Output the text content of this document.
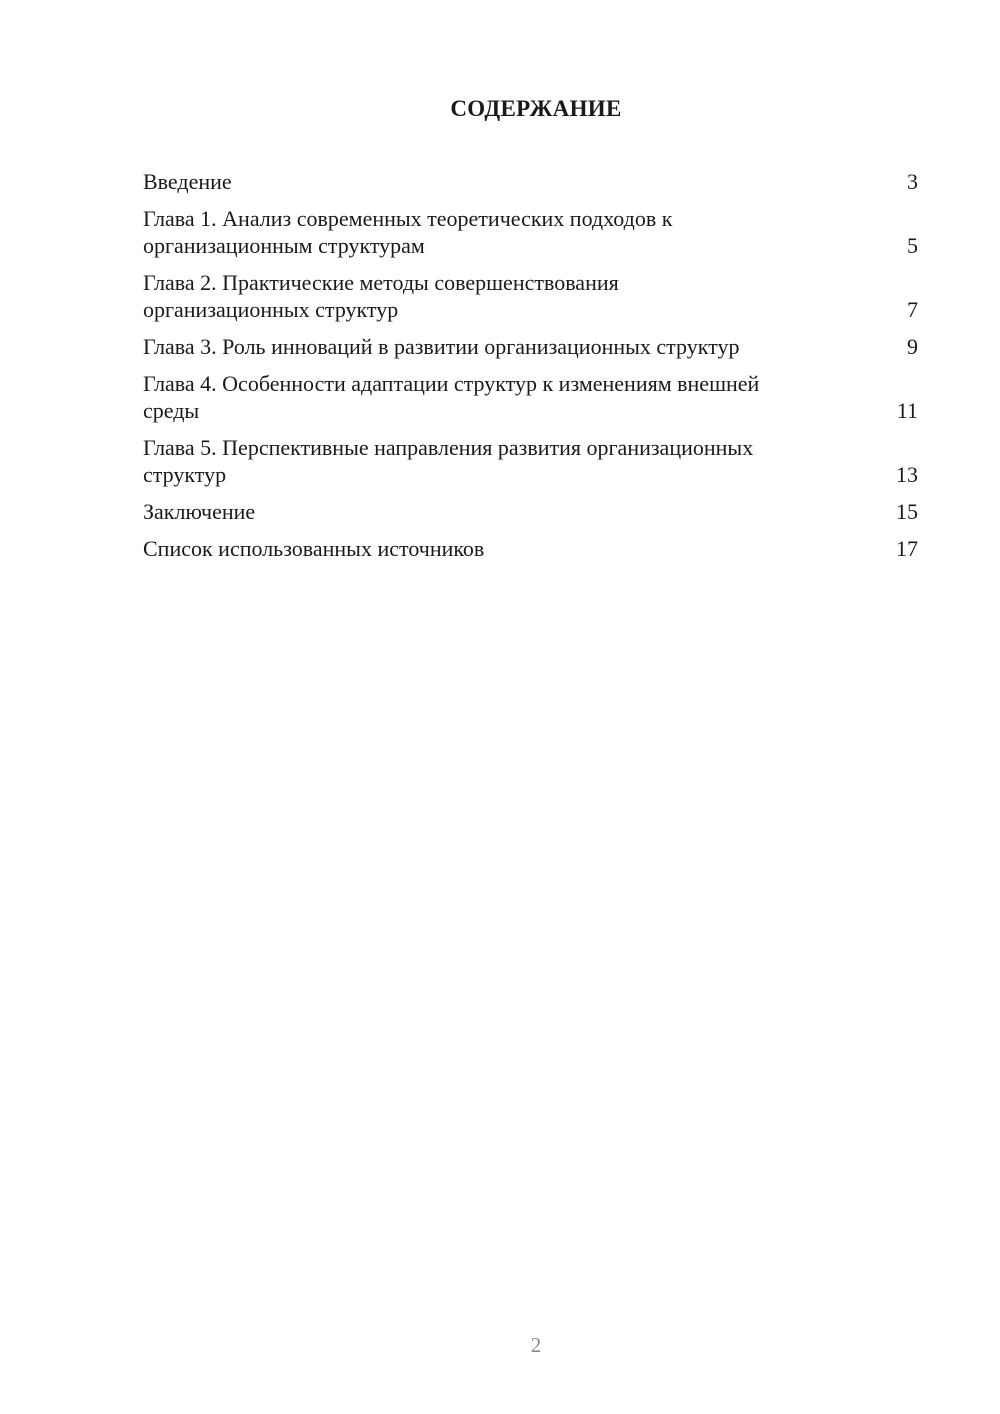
СОДЕРЖАНИЕ
Введение	3
Глава 1. Анализ современных теоретических подходов к организационным структурам	5
Глава 2. Практические методы совершенствования организационных структур	7
Глава 3. Роль инноваций в развитии организационных структур	9
Глава 4. Особенности адаптации структур к изменениям внешней среды	11
Глава 5. Перспективные направления развития организационных структур	13
Заключение	15
Список использованных источников	17
2
